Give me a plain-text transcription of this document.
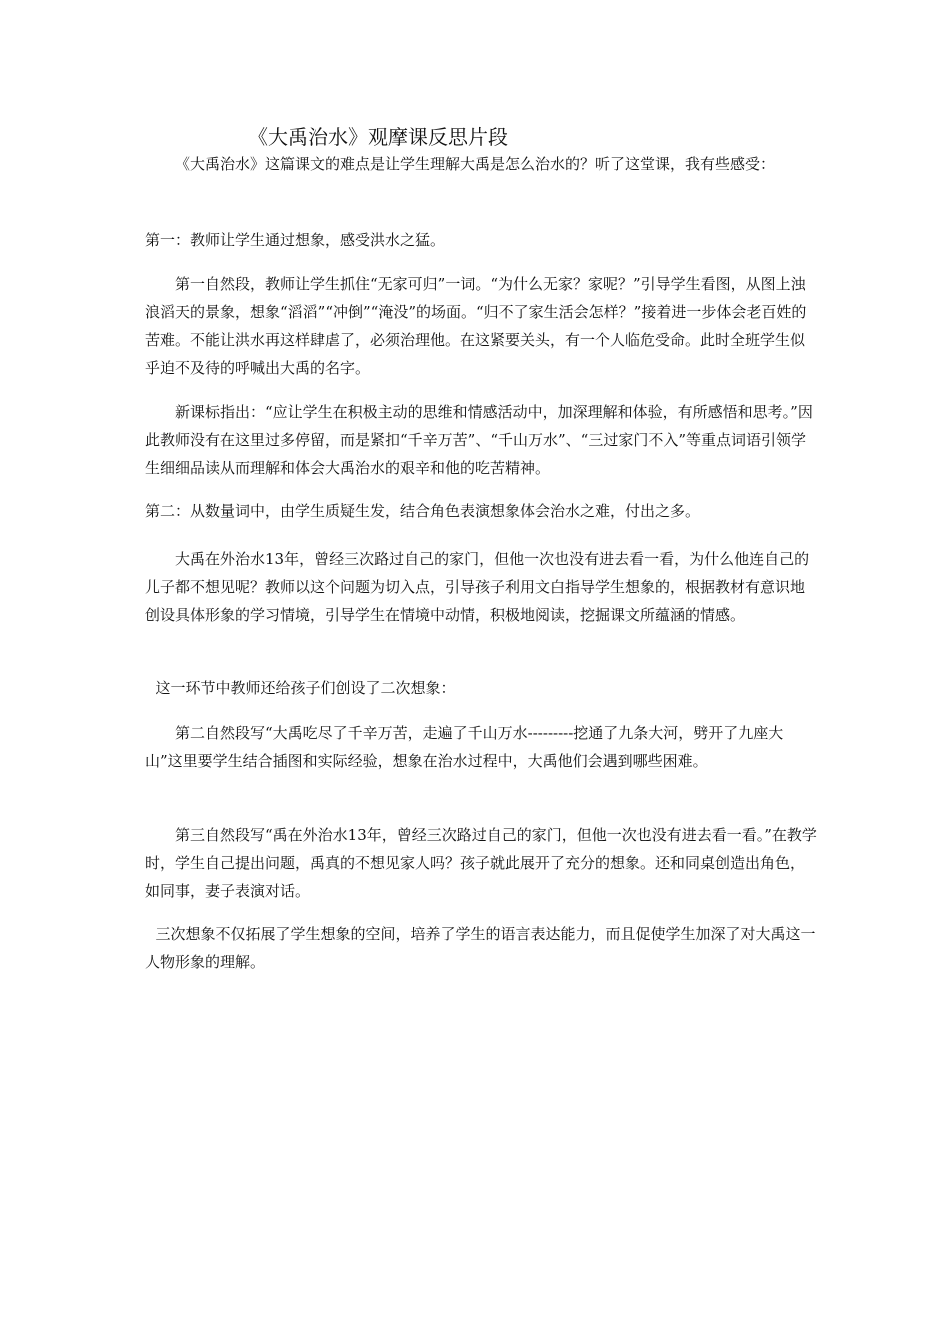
《大禹治水》观摩课反思片段

《大禹治水》这篇课文的难点是让学生理解大禹是怎么治水的？听了这堂课，我有些感受：

第一：教师让学生通过想象，感受洪水之猛。

第一自然段，教师让学生抓住“无家可归”一词。“为什么无家？家呢？”引导学生看图，从图上浊浪滔天的景象，想象“滔滔”“冲倒”“淹没”的场面。“归不了家生活会怎样？”接着进一步体会老百姓的苦难。不能让洪水再这样肆虐了，必须治理他。在这紧要关头，有一个人临危受命。此时全班学生似乎迫不及待的呼喊出大禹的名字。

新课标指出：“应让学生在积极主动的思维和情感活动中，加深理解和体验，有所感悟和思考。”因此教师没有在这里过多停留，而是紧扣“千辛万苦”、“千山万水”、“三过家门不入”等重点词语引领学生细细品读从而理解和体会大禹治水的艰辛和他的吃苦精神。

第二：从数量词中，由学生质疑生发，结合角色表演想象体会治水之难，付出之多。

大禹在外治水13年，曾经三次路过自己的家门，但他一次也没有进去看一看，为什么他连自己的儿子都不想见呢？教师以这个问题为切入点，引导孩子利用文白指导学生想象的，根据教材有意识地创设具体形象的学习情境，引导学生在情境中动情，积极地阅读，挖掘课文所蕴涵的情感。

这一环节中教师还给孩子们创设了二次想象：

第二自然段写“大禹吃尽了千辛万苦，走遍了千山万水---------挖通了九条大河，劈开了九座大山”这里要学生结合插图和实际经验，想象在治水过程中，大禹他们会遇到哪些困难。

第三自然段写“禹在外治水13年，曾经三次路过自己的家门，但他一次也没有进去看一看。”在教学时，学生自己提出问题，禹真的不想见家人吗？孩子就此展开了充分的想象。还和同桌创造出角色，如同事，妻子表演对话。

三次想象不仅拓展了学生想象的空间，培养了学生的语言表达能力，而且促使学生加深了对大禹这一人物形象的理解。
